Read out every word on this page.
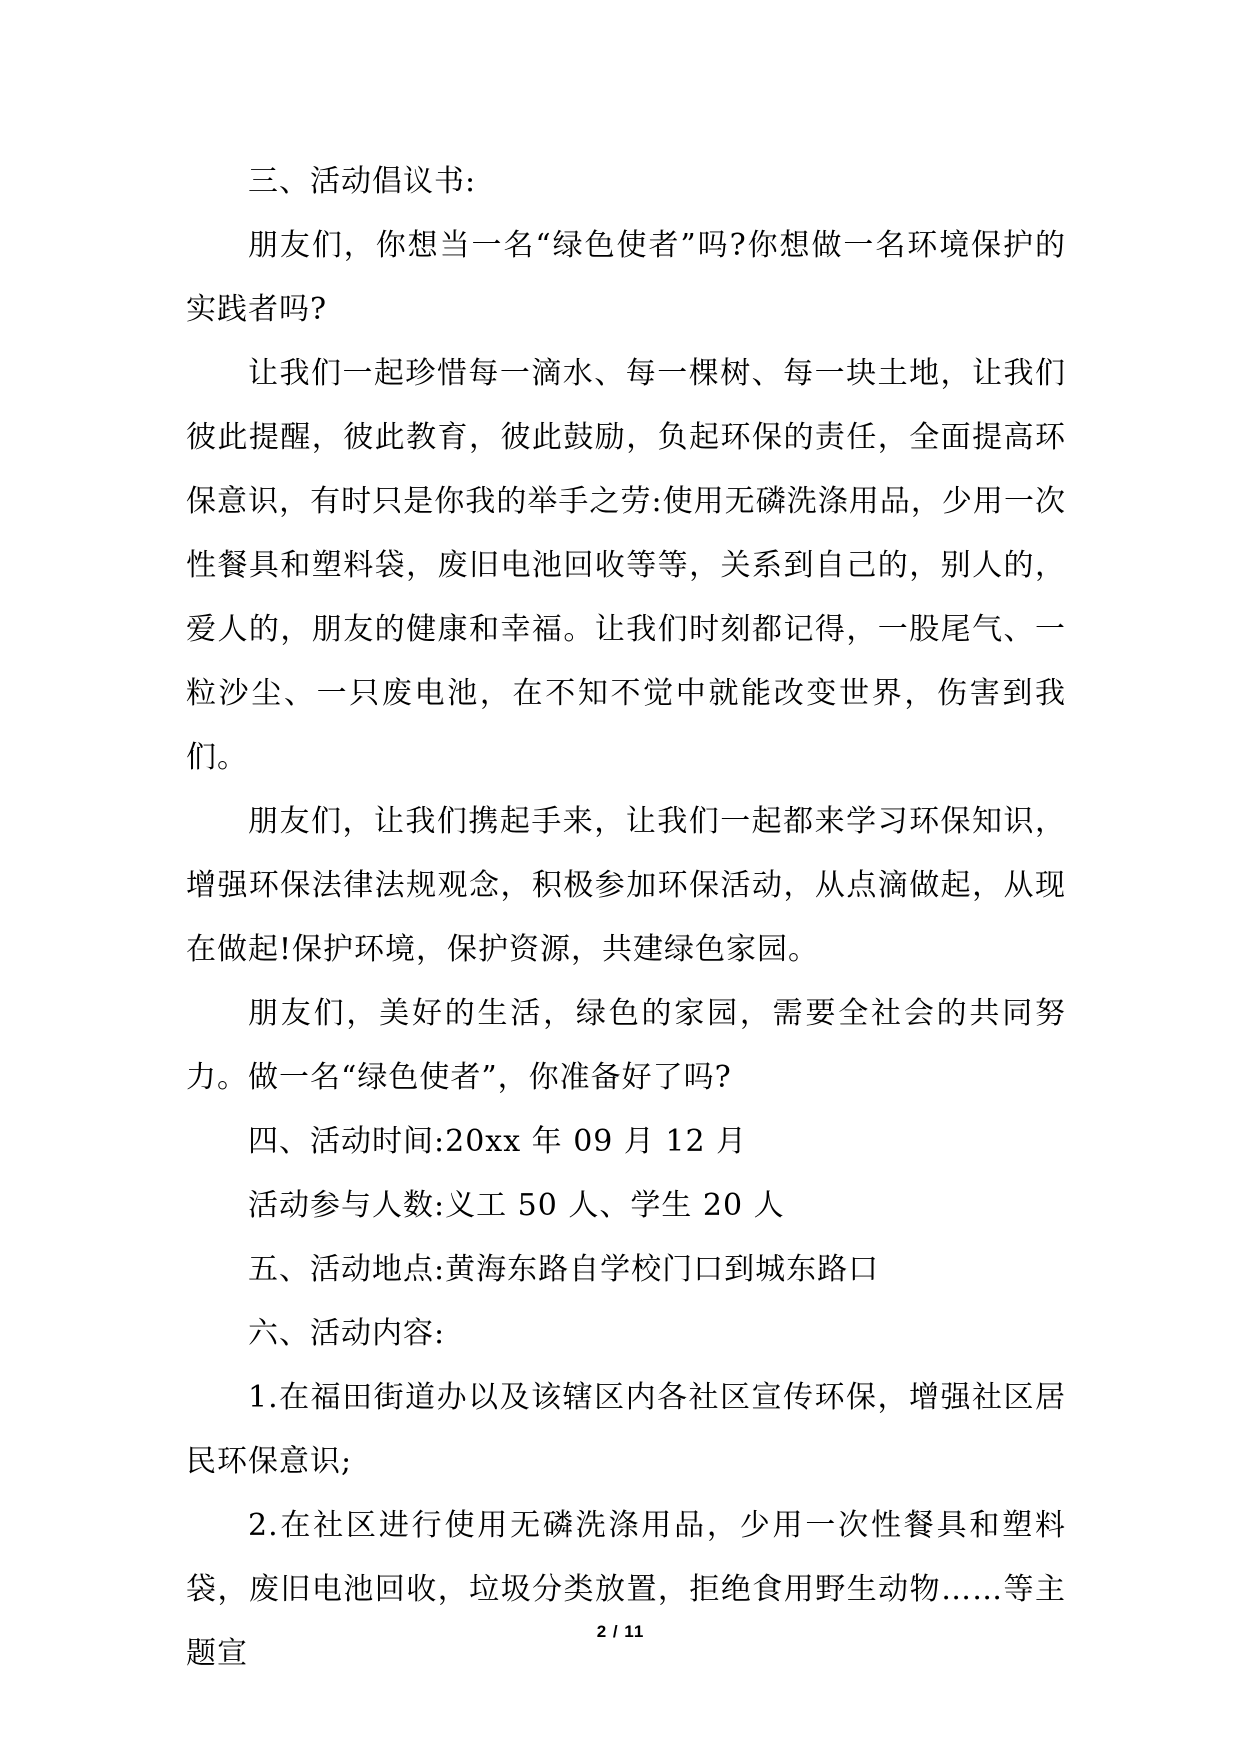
三、活动倡议书:

朋友们，你想当一名“绿色使者”吗?你想做一名环境保护的实践者吗?

让我们一起珍惜每一滴水、每一棵树、每一块土地，让我们彼此提醒，彼此教育，彼此鼓励，负起环保的责任，全面提高环保意识，有时只是你我的举手之劳:使用无磷洗涤用品，少用一次性餐具和塑料袋，废旧电池回收等等，关系到自己的，别人的，爱人的，朋友的健康和幸福。让我们时刻都记得，一股尾气、一粒沙尘、一只废电池，在不知不觉中就能改变世界，伤害到我们。

朋友们，让我们携起手来，让我们一起都来学习环保知识，增强环保法律法规观念，积极参加环保活动，从点滴做起，从现在做起!保护环境，保护资源，共建绿色家园。

朋友们，美好的生活，绿色的家园，需要全社会的共同努力。做一名“绿色使者”，你准备好了吗?

四、活动时间:20xx 年 09 月 12 月

活动参与人数:义工 50 人、学生 20 人

五、活动地点:黄海东路自学校门口到城东路口

六、活动内容:

1.在福田街道办以及该辖区内各社区宣传环保，增强社区居民环保意识;

2.在社区进行使用无磷洗涤用品，少用一次性餐具和塑料袋，废旧电池回收，垃圾分类放置，拒绝食用野生动物……等主题宣

2 / 11
